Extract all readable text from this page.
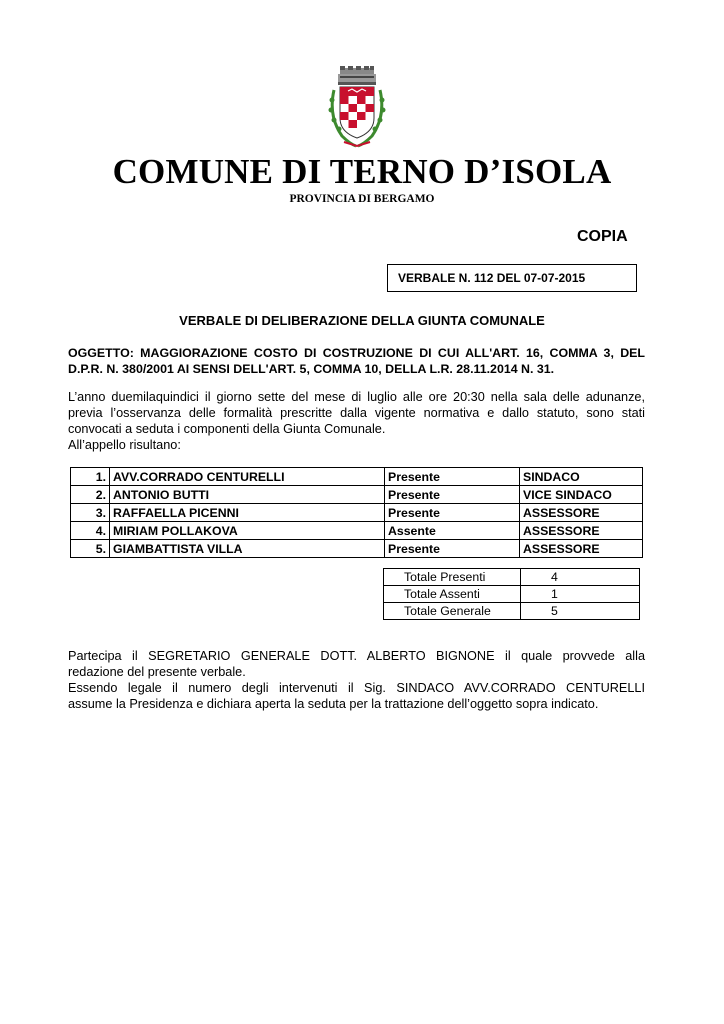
COMUNE DI TERNO D’ISOLA
PROVINCIA DI BERGAMO
COPIA
VERBALE N. 112 DEL 07-07-2015
VERBALE DI DELIBERAZIONE DELLA GIUNTA COMUNALE
OGGETTO: MAGGIORAZIONE COSTO DI COSTRUZIONE DI CUI ALL'ART. 16, COMMA 3, DEL D.P.R. N. 380/2001 AI SENSI DELL'ART. 5, COMMA 10, DELLA L.R. 28.11.2014 N. 31.
L’anno duemilaquindici il giorno sette del mese di luglio alle ore 20:30 nella sala delle adunanze,
previa l’osservanza delle formalità prescritte dalla vigente normativa e dallo statuto, sono stati
convocati a seduta i componenti della Giunta Comunale.
All’appello risultano:
1.	AVV.CORRADO CENTURELLI	Presente	SINDACO
2.	ANTONIO BUTTI	Presente	VICE SINDACO
3.	RAFFAELLA PICENNI	Presente	ASSESSORE
4.	MIRIAM POLLAKOVA	Assente	ASSESSORE
5.	GIAMBATTISTA VILLA	Presente	ASSESSORE
Totale Presenti	4
Totale Assenti	1
Totale Generale	5
Partecipa il SEGRETARIO GENERALE DOTT. ALBERTO BIGNONE il quale provvede alla
redazione del presente verbale.
Essendo legale il numero degli intervenuti il Sig. SINDACO AVV.CORRADO CENTURELLI
assume la Presidenza e dichiara aperta la seduta per la trattazione dell’oggetto sopra indicato.
